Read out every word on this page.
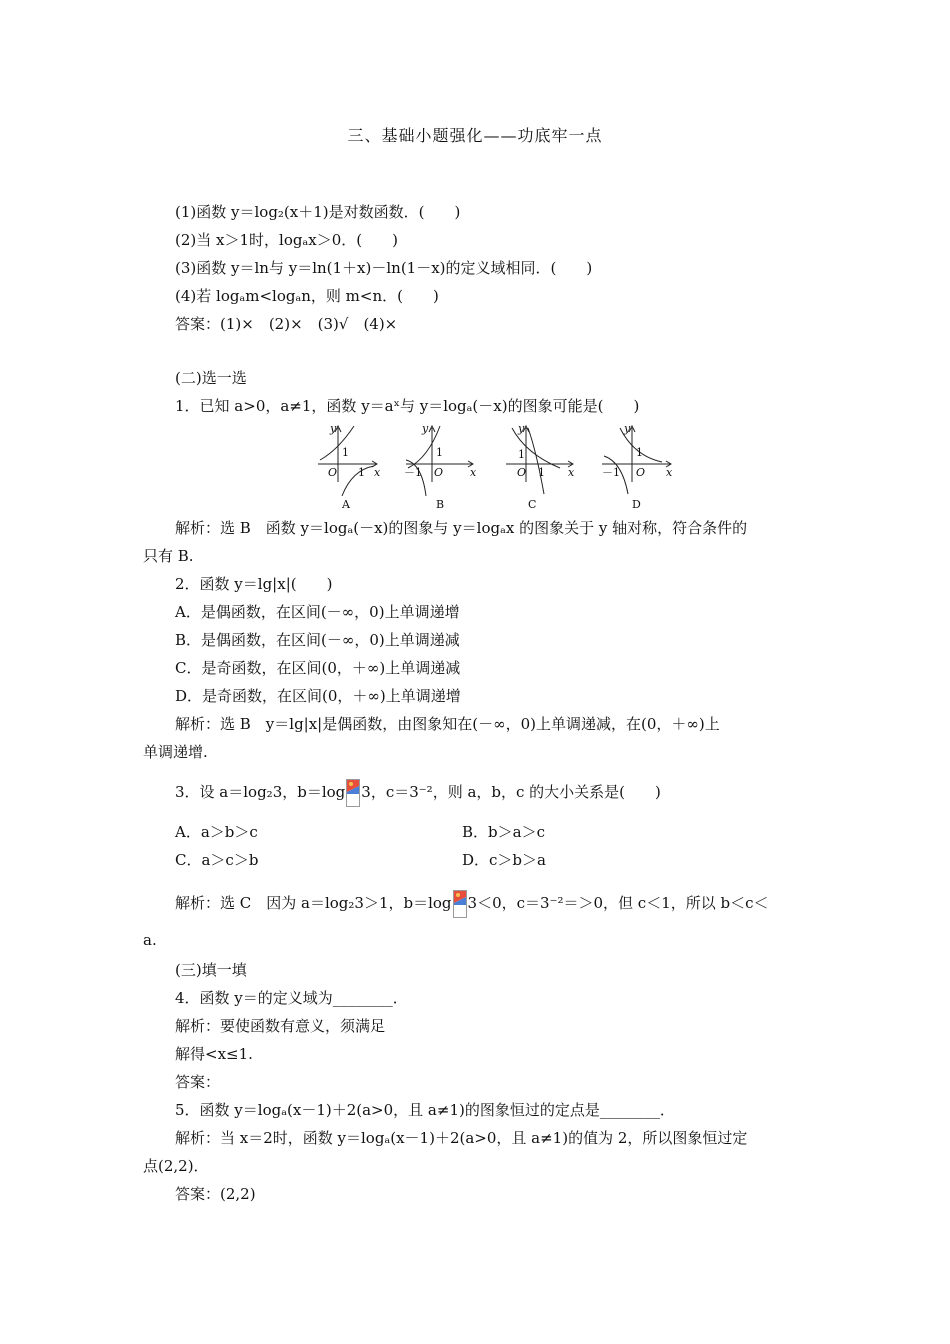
三、基础小题强化——功底牢一点
(1)函数 y＝log₂(x＋1)是对数函数．(　　)
(2)当 x＞1时，logₐx＞0．(　　)
(3)函数 y＝ln与 y＝ln(1＋x)－ln(1－x)的定义域相同．(　　)
(4)若 logₐm<logₐn，则 m<n．(　　)
答案：(1)×　(2)×　(3)√　(4)×
(二)选一选
1．已知 a>0，a≠1，函数 y＝aˣ与 y＝logₐ(－x)的图象可能是(　　)
y
x
y
x
y
x
y
x
O	O	O	O
1
1
1
－1
1
1
1
－1
A	B	C	D
解析：选 B　函数 y＝logₐ(－x)的图象与 y＝logₐx 的图象关于 y 轴对称，符合条件的
只有 B.
2．函数 y＝lg|x|(　　)
A．是偶函数，在区间(－∞，0)上单调递增
B．是偶函数，在区间(－∞，0)上单调递减
C．是奇函数，在区间(0，＋∞)上单调递减
D．是奇函数，在区间(0，＋∞)上单调递增
解析：选 B　y＝lg|x|是偶函数，由图象知在(－∞，0)上单调递减，在(0，＋∞)上
单调递增.
3．设 a＝log₂3，b＝log 3，c＝3⁻²，则 a，b，c 的大小关系是(　　)
A．a＞b＞c	B．b＞a＞c
C．a＞c＞b	D．c＞b＞a
解析：选 C　因为 a＝log₂3＞1，b＝log 3＜0，c＝3⁻²＝＞0，但 c＜1，所以 b＜c＜
a.
(三)填一填
4．函数 y＝的定义域为________．
解析：要使函数有意义，须满足
解得<x≤1.
答案：
5．函数 y＝logₐ(x－1)＋2(a>0，且 a≠1)的图象恒过的定点是________．
解析：当 x＝2时，函数 y＝logₐ(x－1)＋2(a>0，且 a≠1)的值为 2，所以图象恒过定
点(2,2)．
答案：(2,2)
